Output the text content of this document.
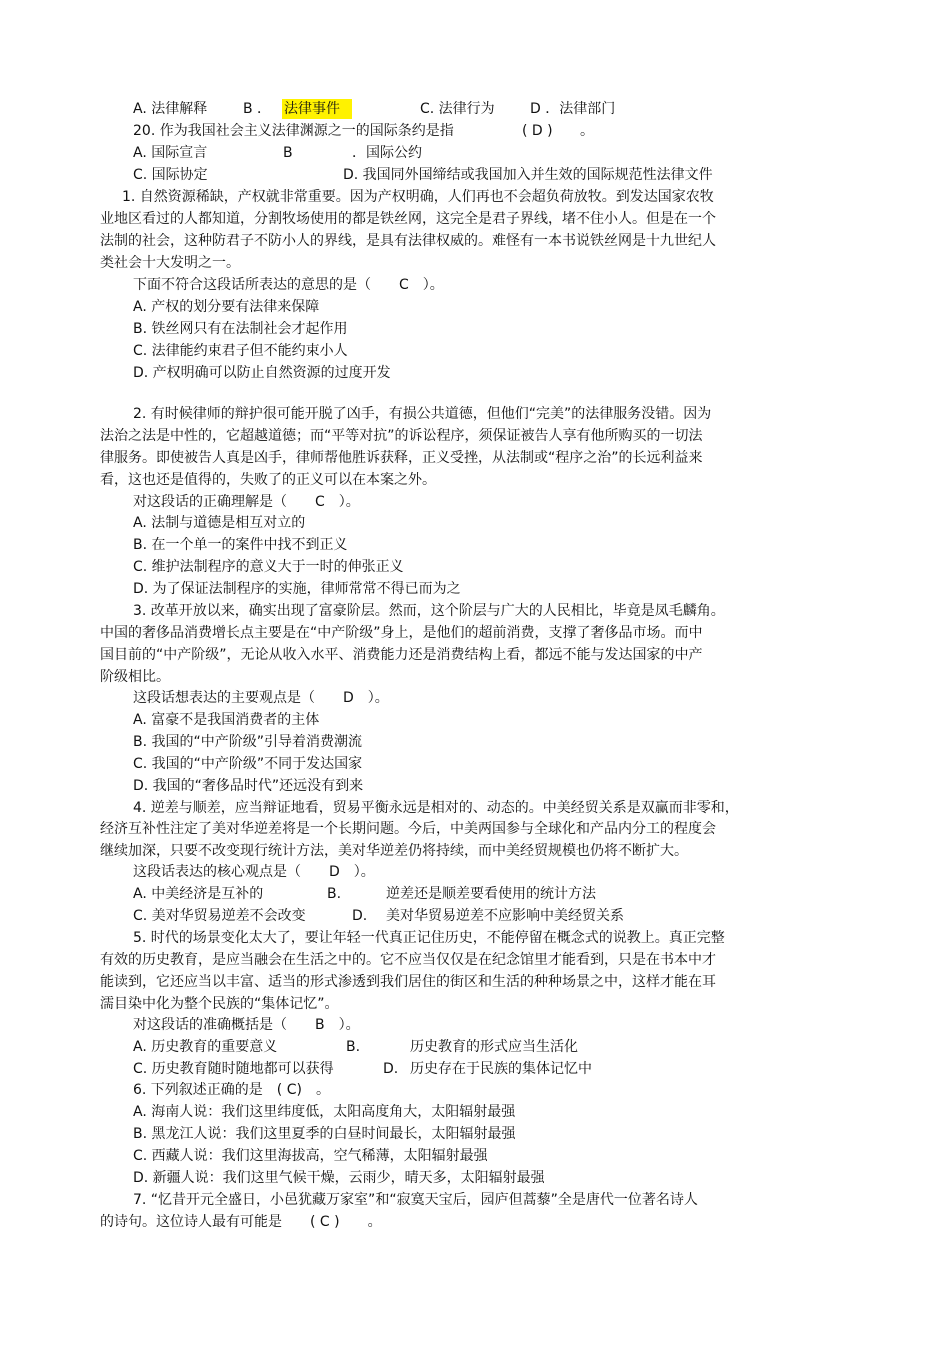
A. 法律解释	B ． 法律事件	C. 法律行为	D ．法律部门
20. 作为我国社会主义法律渊源之一的国际条约是指	( D ) 。
A. 国际宣言	B	．国际公约
C. 国际协定	D. 我国同外国缔结或我国加入并生效的国际规范性法律文件
1. 自然资源稀缺，产权就非常重要。因为产权明确，人们再也不会超负荷放牧。到发达国家农牧
业地区看过的人都知道，分割牧场使用的都是铁丝网，这完全是君子界线，堵不住小人。但是在一个
法制的社会，这种防君子不防小人的界线，是具有法律权威的。难怪有一本书说铁丝网是十九世纪人
类社会十大发明之一。
下面不符合这段话所表达的意思的是（　　C　）。
A. 产权的划分要有法律来保障
B. 铁丝网只有在法制社会才起作用
C. 法律能约束君子但不能约束小人
D. 产权明确可以防止自然资源的过度开发
2. 有时候律师的辩护很可能开脱了凶手，有损公共道德，但他们“完美”的法律服务没错。因为
法治之法是中性的，它超越道德；而“平等对抗”的诉讼程序，须保证被告人享有他所购买的一切法
律服务。即使被告人真是凶手，律师帮他胜诉获释，正义受挫，从法制或“程序之治”的长远利益来
看，这也还是值得的，失败了的正义可以在本案之外。
对这段话的正确理解是（　　C　）。
A. 法制与道德是相互对立的
B. 在一个单一的案件中找不到正义
C. 维护法制程序的意义大于一时的伸张正义
D. 为了保证法制程序的实施，律师常常不得已而为之
3. 改革开放以来，确实出现了富豪阶层。然而，这个阶层与广大的人民相比，毕竟是凤毛麟角。
中国的奢侈品消费增长点主要是在“中产阶级”身上，是他们的超前消费，支撑了奢侈品市场。而中
国目前的“中产阶级”，无论从收入水平、消费能力还是消费结构上看，都远不能与发达国家的中产
阶级相比。
这段话想表达的主要观点是（　　D　）。
A. 富豪不是我国消费者的主体
B. 我国的“中产阶级”引导着消费潮流
C. 我国的“中产阶级”不同于发达国家
D. 我国的“奢侈品时代”还远没有到来
4. 逆差与顺差，应当辩证地看，贸易平衡永远是相对的、动态的。中美经贸关系是双赢而非零和，
经济互补性注定了美对华逆差将是一个长期问题。今后，中美两国参与全球化和产品内分工的程度会
继续加深，只要不改变现行统计方法，美对华逆差仍将持续，而中美经贸规模也仍将不断扩大。
这段话表达的核心观点是（　　D　）。
A. 中美经济是互补的	B.	逆差还是顺差要看使用的统计方法
C. 美对华贸易逆差不会改变	D. 美对华贸易逆差不应影响中美经贸关系
5. 时代的场景变化太大了，要让年轻一代真正记住历史，不能停留在概念式的说教上。真正完整
有效的历史教育，是应当融会在生活之中的。它不应当仅仅是在纪念馆里才能看到，只是在书本中才
能读到，它还应当以丰富、适当的形式渗透到我们居住的街区和生活的种种场景之中，这样才能在耳
濡目染中化为整个民族的“集体记忆”。
对这段话的准确概括是（　　B　）。
A. 历史教育的重要意义	B.	历史教育的形式应当生活化
C. 历史教育随时随地都可以获得	D. 历史存在于民族的集体记忆中
6. 下列叙述正确的是　( C)　。
A. 海南人说：我们这里纬度低，太阳高度角大，太阳辐射最强
B. 黑龙江人说：我们这里夏季的白昼时间最长，太阳辐射最强
C. 西藏人说：我们这里海拔高，空气稀薄，太阳辐射最强
D. 新疆人说：我们这里气候干燥，云雨少，晴天多，太阳辐射最强
7. “忆昔开元全盛日，小邑犹藏万家室”和“寂寞天宝后，园庐但蒿藜”全是唐代一位著名诗人
的诗句。这位诗人最有可能是　　( C )　　。
